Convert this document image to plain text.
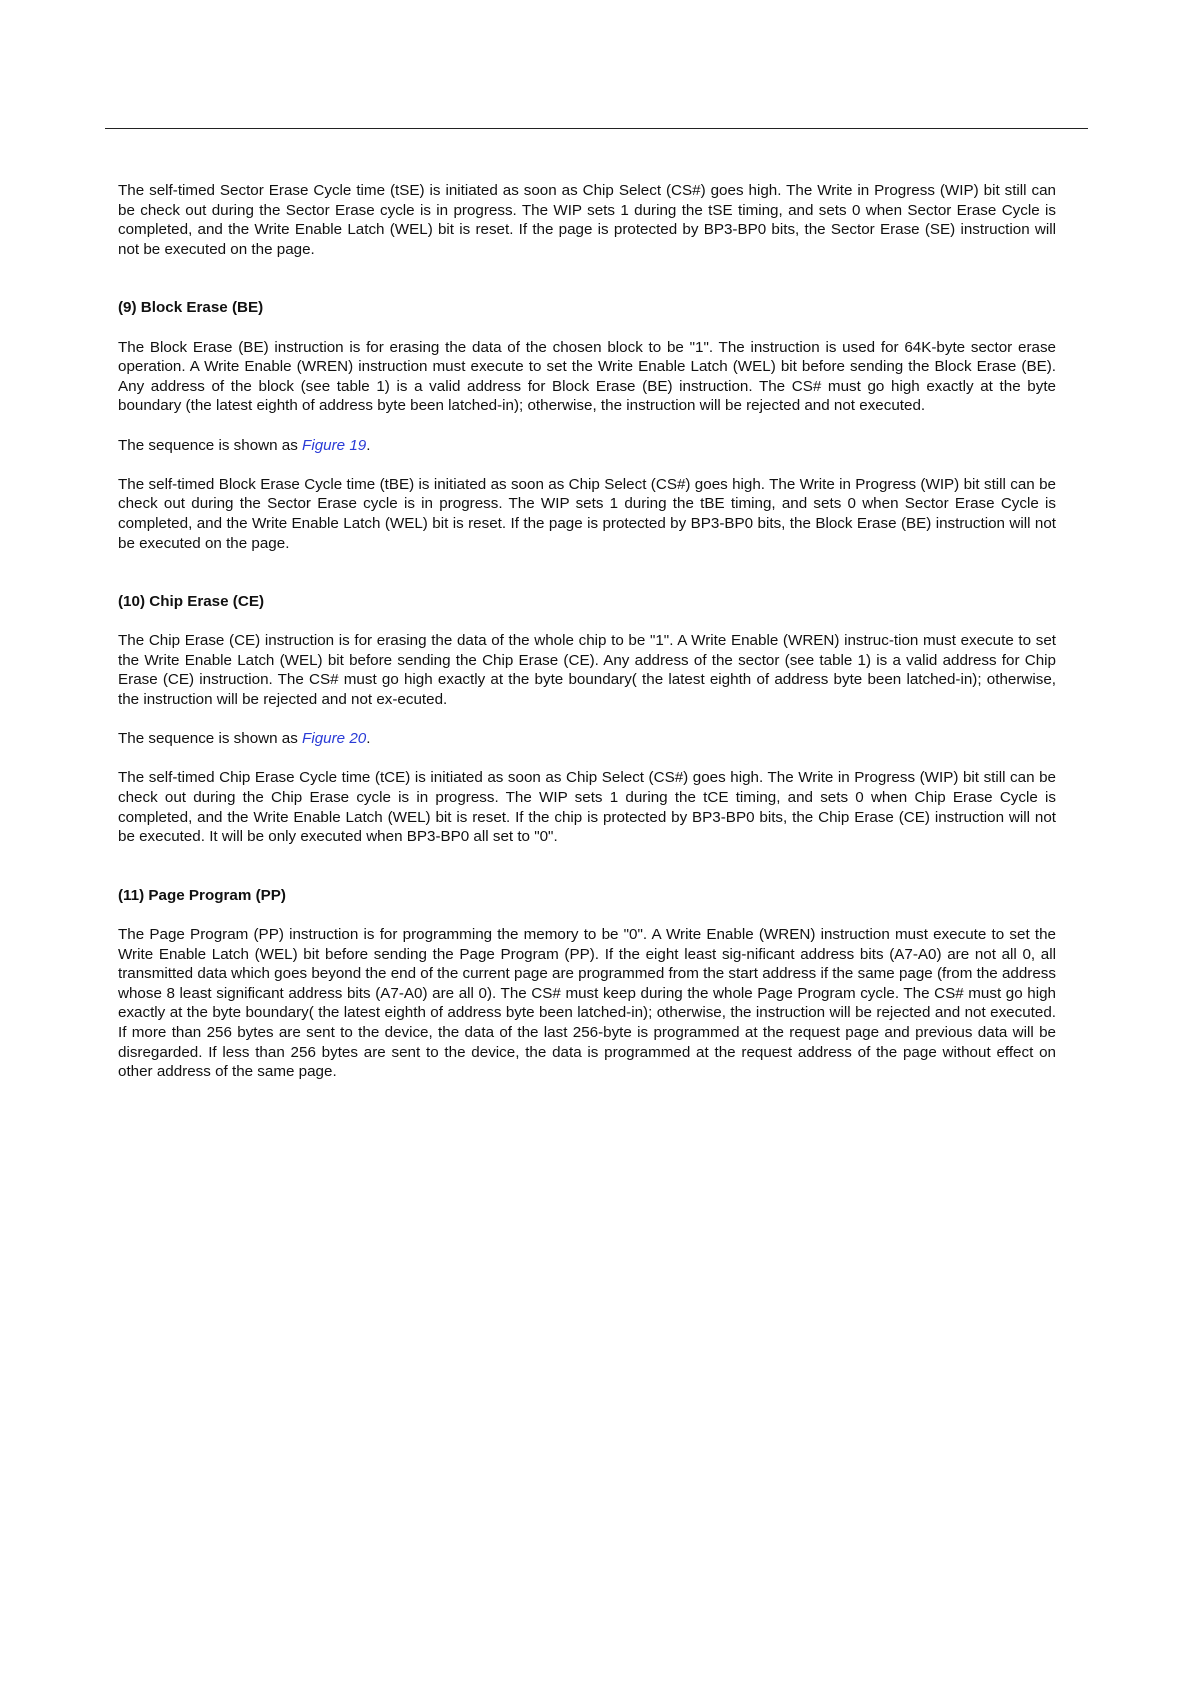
The self-timed Sector Erase Cycle time (tSE) is initiated as soon as Chip Select (CS#) goes high. The Write in Progress (WIP) bit still can be check out during the Sector Erase cycle is in progress. The WIP sets 1 during the tSE timing, and sets 0 when Sector Erase Cycle is completed, and the Write Enable Latch (WEL) bit is reset. If the page is protected by BP3-BP0 bits, the Sector Erase (SE) instruction will not be executed on the page.

(9) Block Erase (BE)

The Block Erase (BE) instruction is for erasing the data of the chosen block to be "1". The instruction is used for 64K-byte sector erase operation. A Write Enable (WREN) instruction must execute to set the Write Enable Latch (WEL) bit before sending the Block Erase (BE). Any address of the block (see table 1) is a valid address for Block Erase (BE) instruction. The CS# must go high exactly at the byte boundary (the latest eighth of address byte been latched-in); otherwise, the instruction will be rejected and not executed.

The sequence is shown as Figure 19.

The self-timed Block Erase Cycle time (tBE) is initiated as soon as Chip Select (CS#) goes high. The Write in Progress (WIP) bit still can be check out during the Sector Erase cycle is in progress. The WIP sets 1 during the tBE timing, and sets 0 when Sector Erase Cycle is completed, and the Write Enable Latch (WEL) bit is reset. If the page is protected by BP3-BP0 bits, the Block Erase (BE) instruction will not be executed on the page.

(10) Chip Erase (CE)

The Chip Erase (CE) instruction is for erasing the data of the whole chip to be "1". A Write Enable (WREN) instruc-tion must execute to set the Write Enable Latch (WEL) bit before sending the Chip Erase (CE). Any address of the sector (see table 1) is a valid address for Chip Erase (CE) instruction. The CS# must go high exactly at the byte boundary( the latest eighth of address byte been latched-in); otherwise, the instruction will be rejected and not ex-ecuted.

The sequence is shown as Figure 20.

The self-timed Chip Erase Cycle time (tCE) is initiated as soon as Chip Select (CS#) goes high. The Write in Progress (WIP) bit still can be check out during the Chip Erase cycle is in progress. The WIP sets 1 during the tCE timing, and sets 0 when Chip Erase Cycle is completed, and the Write Enable Latch (WEL) bit is reset. If the chip is protected by BP3-BP0 bits, the Chip Erase (CE) instruction will not be executed. It will be only executed when BP3-BP0 all set to "0".

(11) Page Program (PP)

The Page Program (PP) instruction is for programming the memory to be "0". A Write Enable (WREN) instruction must execute to set the Write Enable Latch (WEL) bit before sending the Page Program (PP). If the eight least sig-nificant address bits (A7-A0) are not all 0, all transmitted data which goes beyond the end of the current page are programmed from the start address if the same page (from the address whose 8 least significant address bits (A7-A0) are all 0). The CS# must keep during the whole Page Program cycle. The CS# must go high exactly at the byte boundary( the latest eighth of address byte been latched-in); otherwise, the instruction will be rejected and not executed. If more than 256 bytes are sent to the device, the data of the last 256-byte is programmed at the request page and previous data will be disregarded. If less than 256 bytes are sent to the device, the data is programmed at the request address of the page without effect on other address of the same page.
